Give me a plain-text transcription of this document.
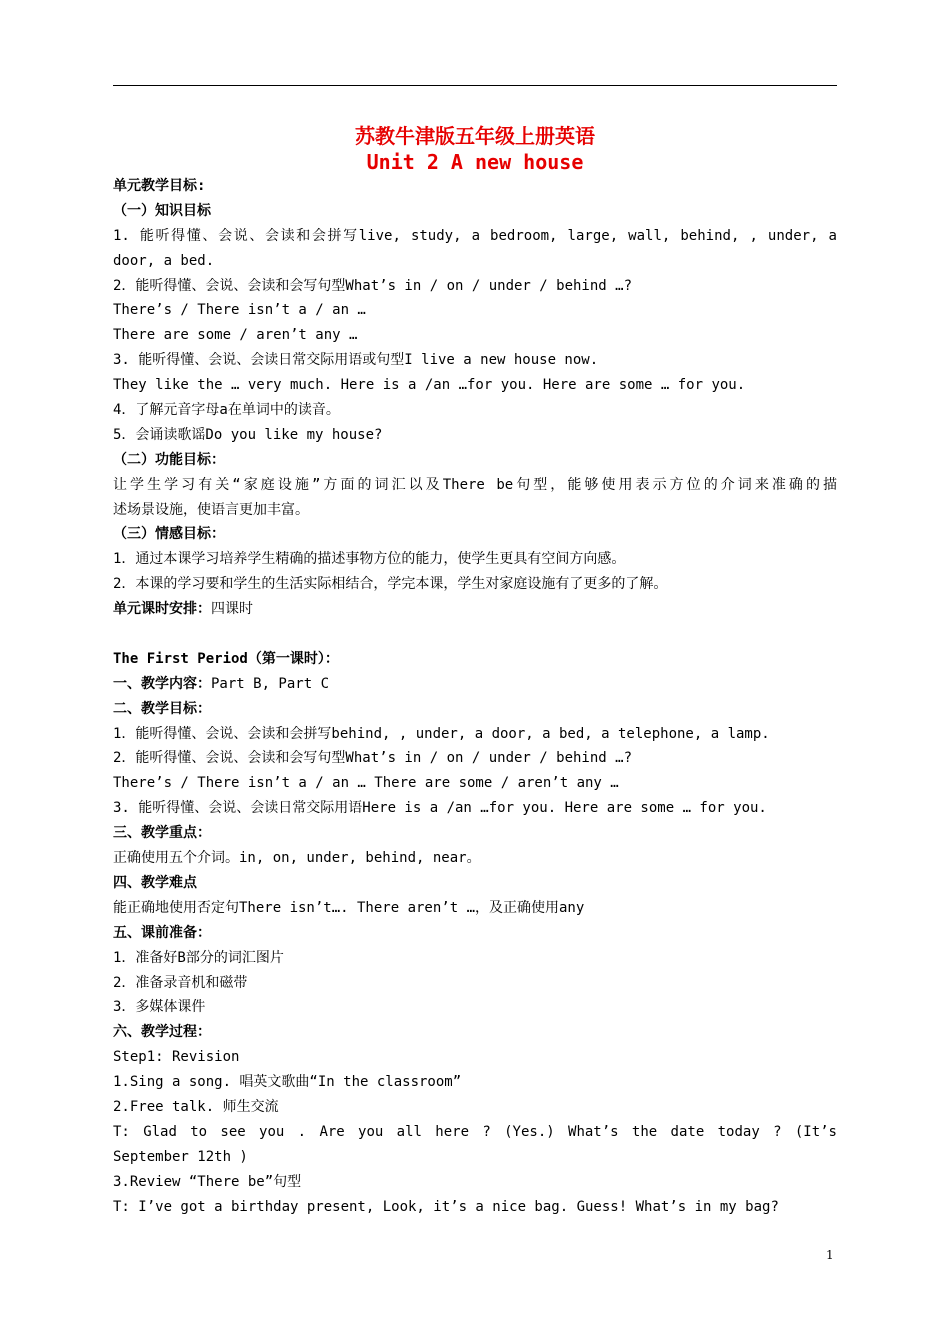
苏教牛津版五年级上册英语
Unit 2 A new house
单元教学目标:
（一）知识目标
1. 能听得懂、会说、会读和会拼写live, study, a bedroom, large, wall, behind, , under, a
door, a bed.
2．能听得懂、会说、会读和会写句型What’s in / on / under / behind …?
There’s / There isn’t a / an …
There are some / aren’t any …
3. 能听得懂、会说、会读日常交际用语或句型I live a new house now.
They like the … very much. Here is a /an …for you. Here are some … for you.
4．了解元音字母a在单词中的读音。
5．会诵读歌谣Do you like my house?
（二）功能目标：
让学生学习有关“家庭设施”方面的词汇以及There be句型，能够使用表示方位的介词来准确的描
述场景设施，使语言更加丰富。
（三）情感目标：
1．通过本课学习培养学生精确的描述事物方位的能力，使学生更具有空间方向感。
2．本课的学习要和学生的生活实际相结合，学完本课，学生对家庭设施有了更多的了解。
单元课时安排：四课时
The First Period（第一课时）：
一、教学内容：Part B, Part C
二、教学目标：
1．能听得懂、会说、会读和会拼写behind, , under, a door, a bed, a telephone, a lamp.
2．能听得懂、会说、会读和会写句型What’s in / on / under / behind …?
There’s / There isn’t a / an … There are some / aren’t any …
3. 能听得懂、会说、会读日常交际用语Here is a /an …for you. Here are some … for you.
三、教学重点：
正确使用五个介词。in, on, under, behind, near。
四、教学难点
能正确地使用否定句There isn’t…. There aren’t …，及正确使用any
五、课前准备：
1．准备好B部分的词汇图片
2．准备录音机和磁带
3．多媒体课件
六、教学过程：
Step1: Revision
1.Sing a song. 唱英文歌曲“In the classroom”
2.Free talk. 师生交流
T: Glad to see you . Are you all here ? (Yes.) What’s the date today ? (It’s
September 12th )
3.Review “There be”句型
T: I’ve got a birthday present, Look, it’s a nice bag. Guess! What’s in my bag?
1
